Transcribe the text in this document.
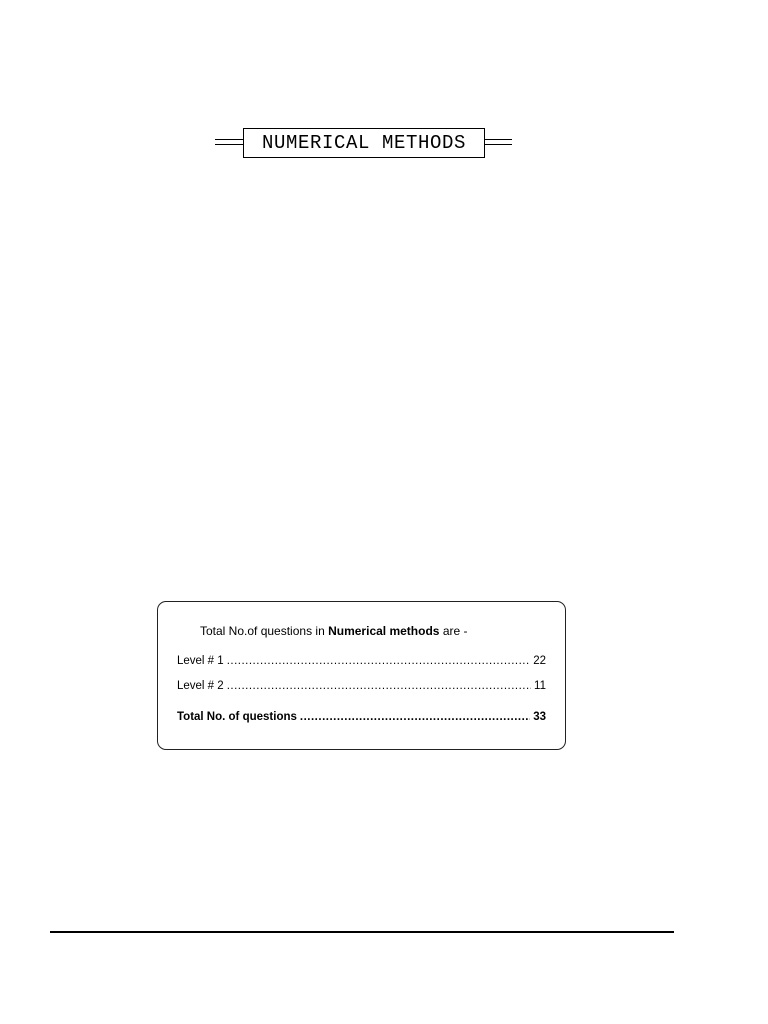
NUMERICAL METHODS
Total No.of questions in Numerical methods are -
Level # 1 .....	22
Level # 2 .....	11
Total No. of questions .....	33
